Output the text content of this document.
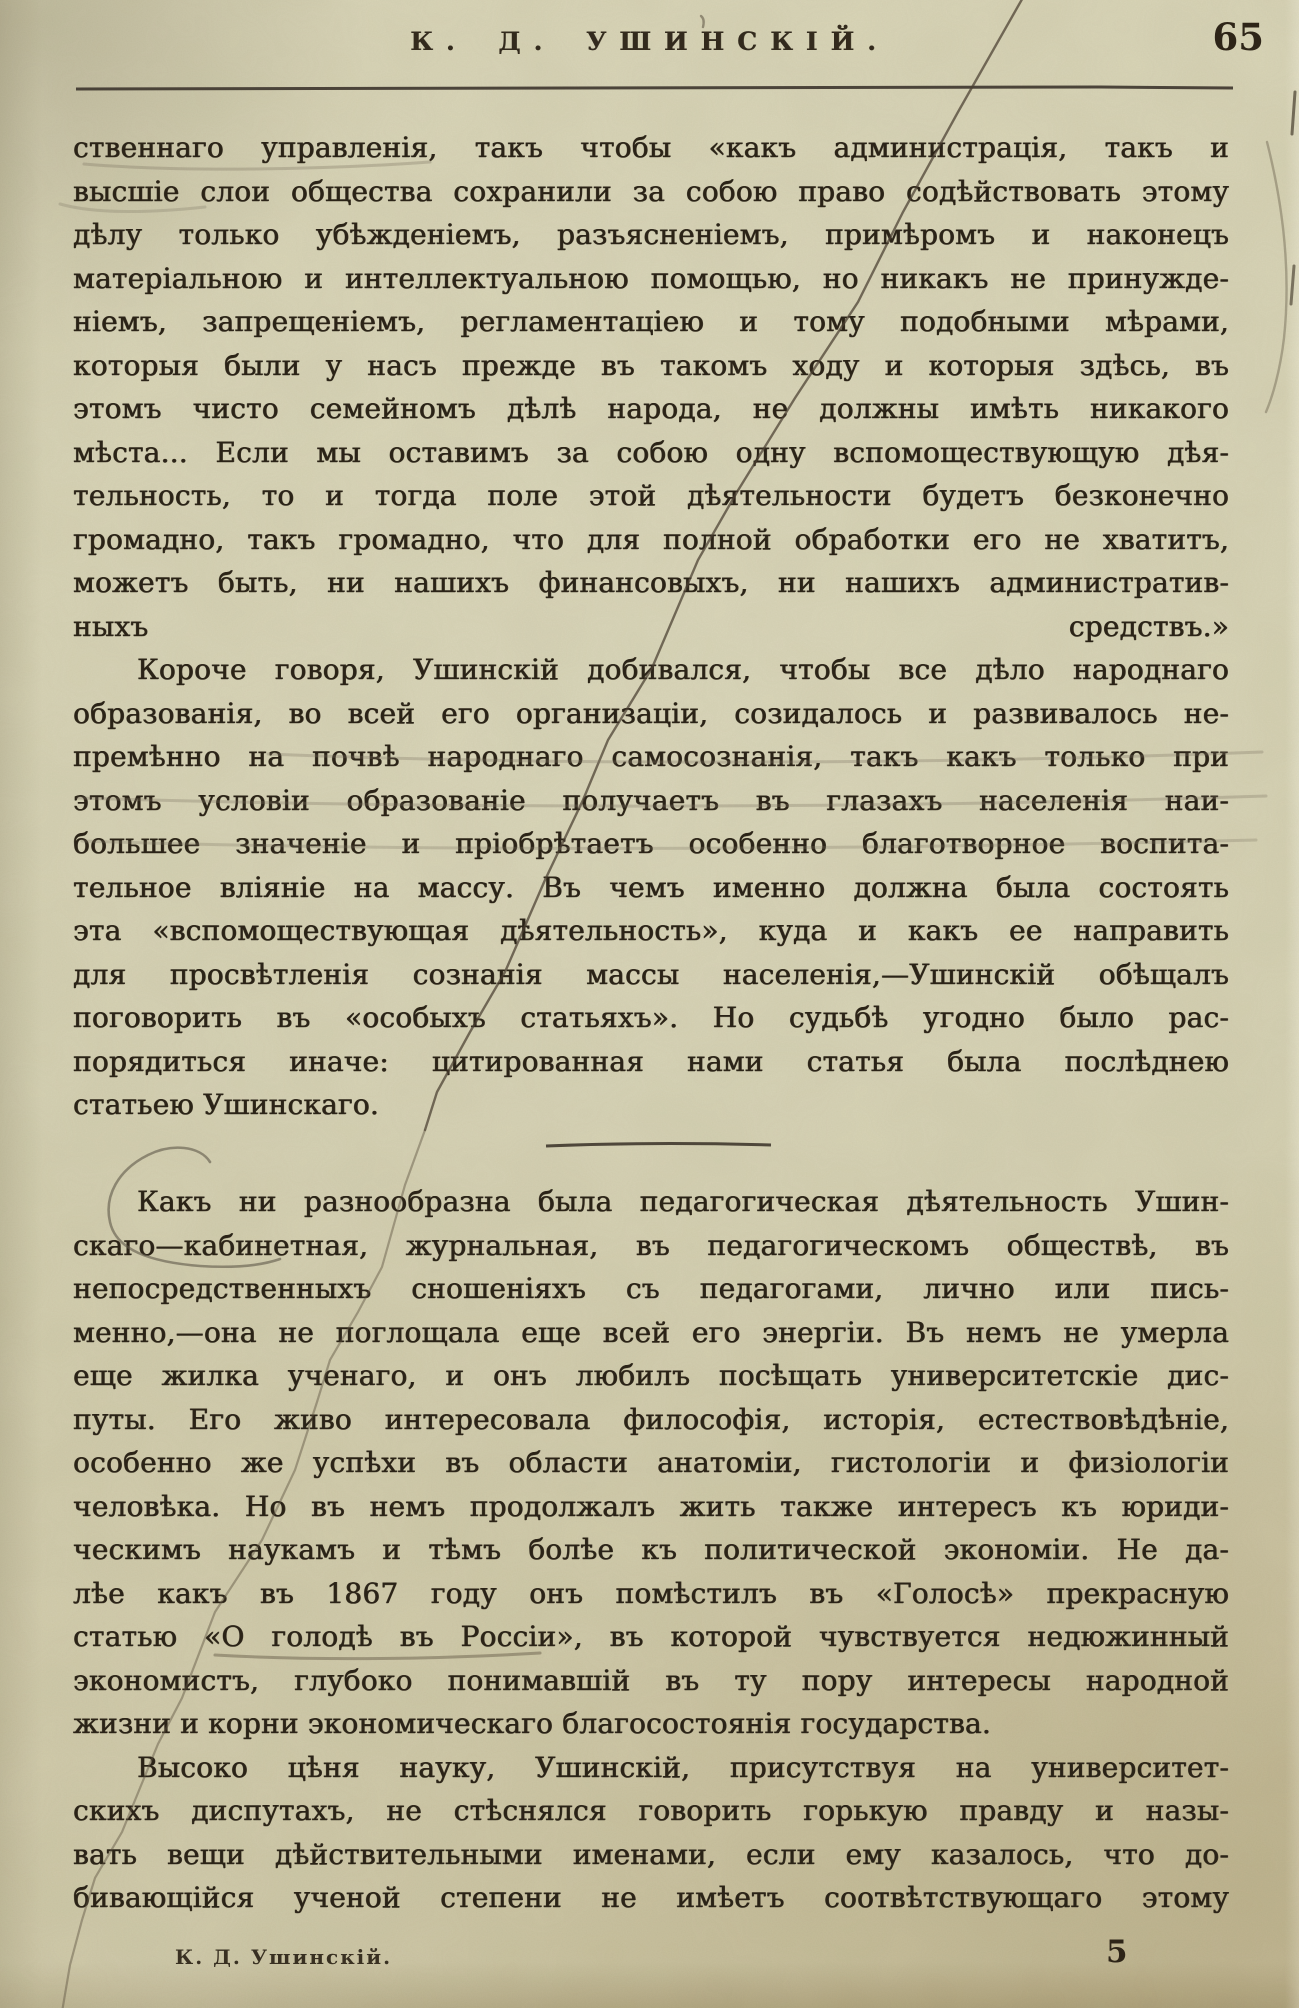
К. Д. УШИНСКІЙ.	65
ственнаго управленія, такъ чтобы «какъ администрація, такъ и
высшіе слои общества сохранили за собою право содѣйствовать этому
дѣлу только убѣжденіемъ, разъясненіемъ, примѣромъ и наконецъ
матеріальною и интеллектуальною помощью, но никакъ не принужде-
ніемъ, запрещеніемъ, регламентаціею и тому подобными мѣрами,
которыя были у насъ прежде въ такомъ ходу и которыя здѣсь, въ
этомъ чисто семейномъ дѣлѣ народа, не должны имѣть никакого
мѣста... Если мы оставимъ за собою одну вспомоществующую дѣя-
тельность, то и тогда поле этой дѣятельности будетъ безконечно
громадно, такъ громадно, что для полной обработки его не хватитъ,
можетъ быть, ни нашихъ финансовыхъ, ни нашихъ административ-
ныхъ средствъ.»
Короче говоря, Ушинскій добивался, чтобы все дѣло народнаго
образованія, во всей его организаціи, созидалось и развивалось не-
премѣнно на почвѣ народнаго самосознанія, такъ какъ только при
этомъ условіи образованіе получаетъ въ глазахъ населенія наи-
большее значеніе и пріобрѣтаетъ особенно благотворное воспита-
тельное вліяніе на массу. Въ чемъ именно должна была состоять
эта «вспомоществующая дѣятельность», куда и какъ ее направить
для просвѣтленія сознанія массы населенія,—Ушинскій обѣщалъ
поговорить въ «особыхъ статьяхъ». Но судьбѣ угодно было рас-
порядиться иначе: цитированная нами статья была послѣднею
статьею Ушинскаго.
Какъ ни разнообразна была педагогическая дѣятельность Ушин-
скаго—кабинетная, журнальная, въ педагогическомъ обществѣ, въ
непосредственныхъ сношеніяхъ съ педагогами, лично или пись-
менно,—она не поглощала еще всей его энергіи. Въ немъ не умерла
еще жилка ученаго, и онъ любилъ посѣщать университетскіе дис-
путы. Его живо интересовала философія, исторія, естествовѣдѣніе,
особенно же успѣхи въ области анатоміи, гистологіи и физіологіи
человѣка. Но въ немъ продолжалъ жить также интересъ къ юриди-
ческимъ наукамъ и тѣмъ болѣе къ политической экономіи. Не да-
лѣе какъ въ 1867 году онъ помѣстилъ въ «Голосѣ» прекрасную
статью «О голодѣ въ Россіи», въ которой чувствуется недюжинный
экономистъ, глубоко понимавшій въ ту пору интересы народной
жизни и корни экономическаго благосостоянія государства.
Высоко цѣня науку, Ушинскій, присутствуя на университет-
скихъ диспутахъ, не стѣснялся говорить горькую правду и назы-
вать вещи дѣйствительными именами, если ему казалось, что до-
бивающійся ученой степени не имѣетъ соотвѣтствующаго этому
К. Д. Ушинскій.	5
